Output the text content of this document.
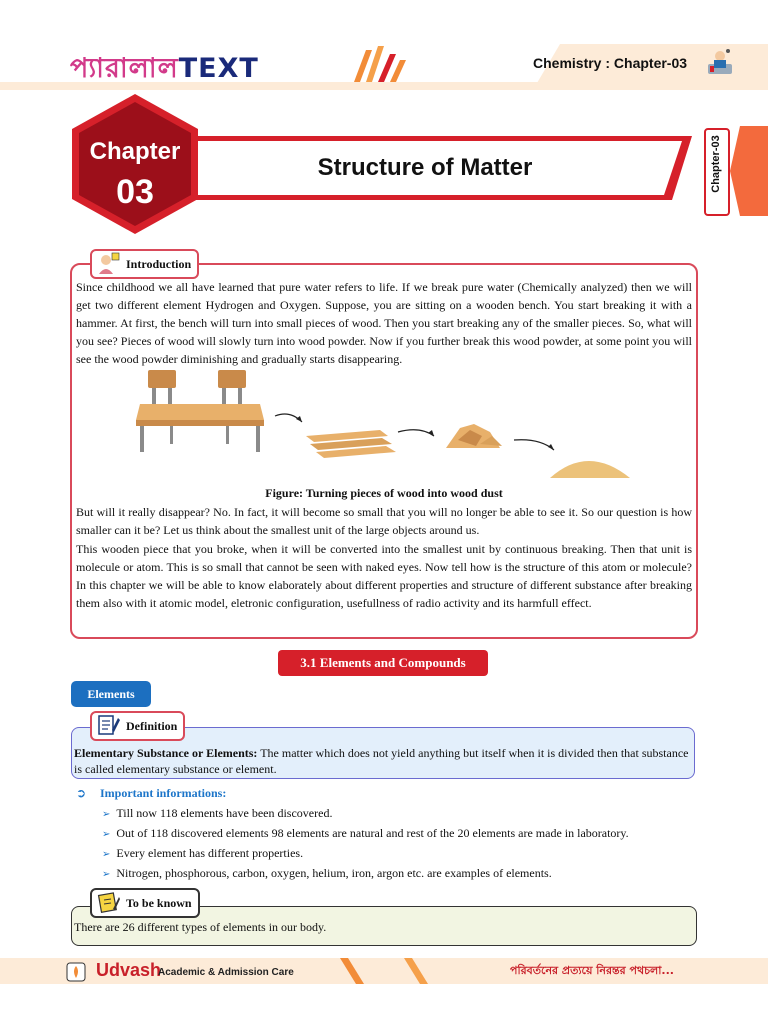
প্যারালালTEXT	Chemistry : Chapter-03
Chapter
03
Structure of Matter	Chapter-03
Introduction
Since childhood we all have learned that pure water refers to life. If we break pure water (Chemically analyzed) then we will get two different element Hydrogen and Oxygen. Suppose, you are sitting on a wooden bench. You start breaking it with a hammer. At first, the bench will turn into small pieces of wood. Then you start breaking any of the smaller pieces. So, what will you see? Pieces of wood will slowly turn into wood powder. Now if you further break this wood powder, at some point you will see the wood powder diminishing and gradually starts disappearing.
Figure: Turning pieces of wood into wood dust
But will it really disappear? No. In fact, it will become so small that you will no longer be able to see it. So our question is how smaller can it be? Let us think about the smallest unit of the large objects around us.
This wooden piece that you broke, when it will be converted into the smallest unit by continuous breaking. Then that unit is molecule or atom. This is so small that cannot be seen with naked eyes. Now tell how is the structure of this atom or molecule? In this chapter we will be able to know elaborately about different properties and structure of different substance after breaking them also with it atomic model, eletronic configuration, usefullness of radio activity and its harmfull effect.
3.1 Elements and Compounds
Elements
Definition
Elementary Substance or Elements: The matter which does not yield anything but itself when it is divided then that substance is called elementary substance or element.
➲ Important informations:
➢ Till now 118 elements have been discovered.
➢ Out of 118 discovered elements 98 elements are natural and rest of the 20 elements are made in laboratory.
➢ Every element has different properties.
➢ Nitrogen, phosphorous, carbon, oxygen, helium, iron, argon etc. are examples of elements.
To be known
There are 26 different types of elements in our body.
Udvash
Academic & Admission Care	পরিবর্তনের প্রত্যয়ে নিরন্তর পথচলা...
